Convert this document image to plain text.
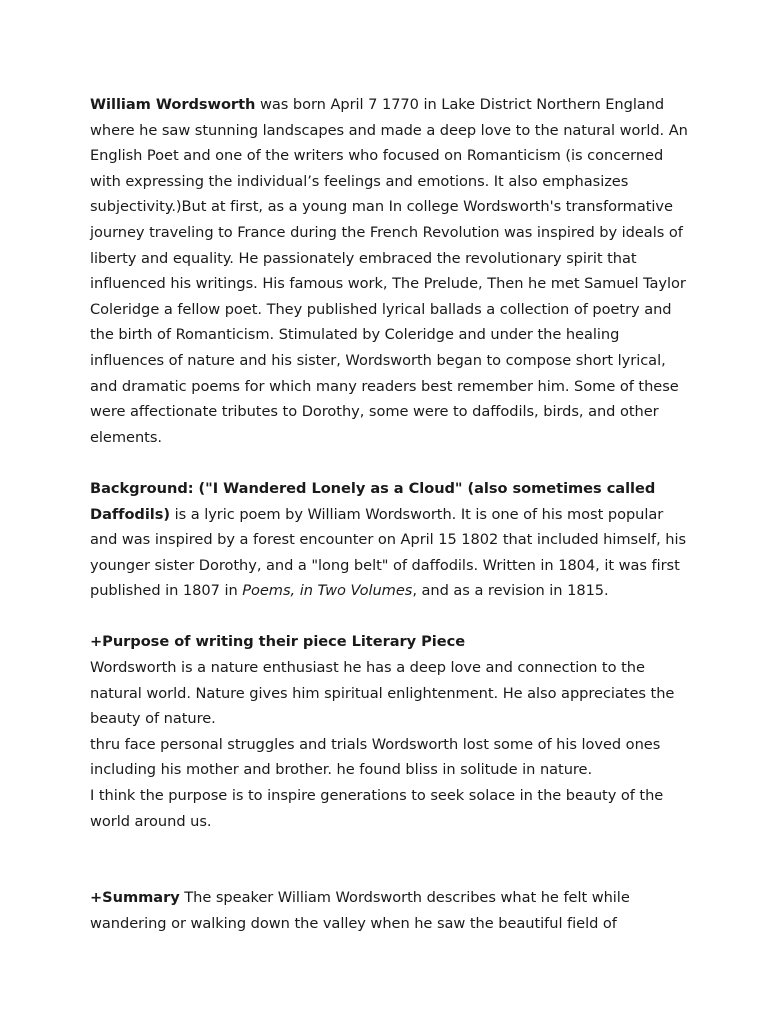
William Wordsworth was born April 7 1770 in Lake District Northern England where he saw stunning landscapes and made a deep love to the natural world. An English Poet and one of the writers who focused on Romanticism (is concerned with expressing the individual’s feelings and emotions. It also emphasizes subjectivity.)But at first, as a young man In college Wordsworth's transformative journey traveling to France during the French Revolution was inspired by ideals of liberty and equality. He passionately embraced the revolutionary spirit that influenced his writings. His famous work, The Prelude, Then he met Samuel Taylor Coleridge a fellow poet. They published lyrical ballads a collection of poetry and the birth of Romanticism. Stimulated by Coleridge and under the healing influences of nature and his sister, Wordsworth began to compose short lyrical, and dramatic poems for which many readers best remember him. Some of these were affectionate tributes to Dorothy, some were to daffodils, birds, and other elements.

Background: ("I Wandered Lonely as a Cloud" (also sometimes called Daffodils) is a lyric poem by William Wordsworth. It is one of his most popular and was inspired by a forest encounter on April 15 1802 that included himself, his younger sister Dorothy, and a "long belt" of daffodils. Written in 1804, it was first published in 1807 in Poems, in Two Volumes, and as a revision in 1815.

+Purpose of writing their piece Literary Piece

Wordsworth is a nature enthusiast he has a deep love and connection to the natural world. Nature gives him spiritual enlightenment. He also appreciates the beauty of nature.

thru face personal struggles and trials Wordsworth lost some of his loved ones including his mother and brother. he found bliss in solitude in nature.

I think the purpose is to inspire generations to seek solace in the beauty of the world around us.

+Summary The speaker William Wordsworth describes what he felt while wandering or walking down the valley when he saw the beautiful field of
